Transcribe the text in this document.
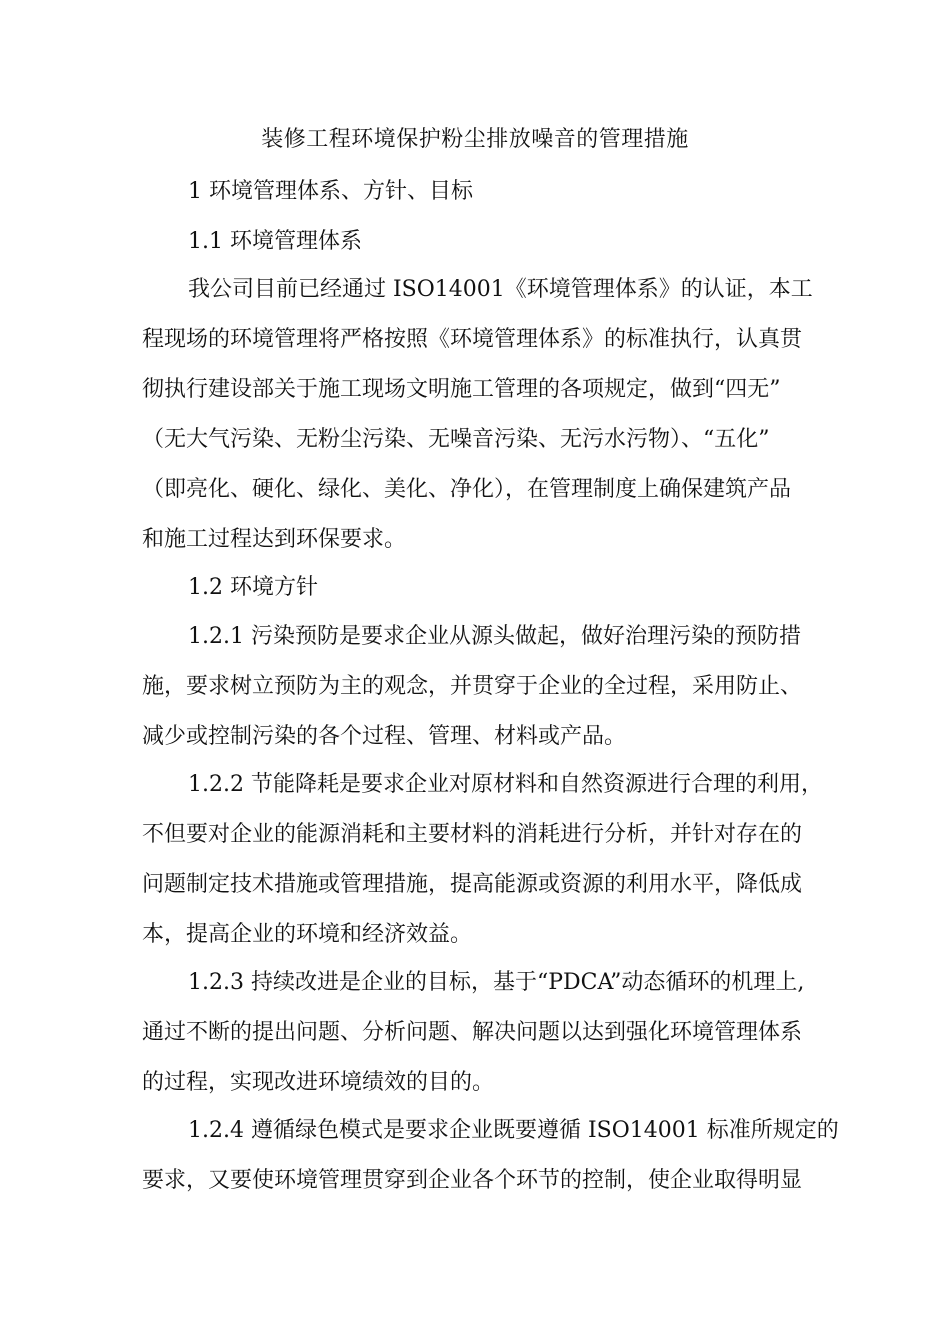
装修工程环境保护粉尘排放噪音的管理措施
1 环境管理体系、方针、目标
1.1 环境管理体系
我公司目前已经通过 ISO14001《环境管理体系》的认证，本工
程现场的环境管理将严格按照《环境管理体系》的标准执行，认真贯
彻执行建设部关于施工现场文明施工管理的各项规定，做到“四无”
（无大气污染、无粉尘污染、无噪音污染、无污水污物）、“五化”
（即亮化、硬化、绿化、美化、净化），在管理制度上确保建筑产品
和施工过程达到环保要求。
1.2 环境方针
1.2.1 污染预防是要求企业从源头做起，做好治理污染的预防措
施，要求树立预防为主的观念，并贯穿于企业的全过程，采用防止、
减少或控制污染的各个过程、管理、材料或产品。
1.2.2 节能降耗是要求企业对原材料和自然资源进行合理的利用，
不但要对企业的能源消耗和主要材料的消耗进行分析，并针对存在的
问题制定技术措施或管理措施，提高能源或资源的利用水平，降低成
本，提高企业的环境和经济效益。
1.2.3 持续改进是企业的目标，基于“PDCA”动态循环的机理上,
通过不断的提出问题、分析问题、解决问题以达到强化环境管理体系
的过程，实现改进环境绩效的目的。
1.2.4 遵循绿色模式是要求企业既要遵循 ISO14001 标准所规定的
要求，又要使环境管理贯穿到企业各个环节的控制，使企业取得明显
